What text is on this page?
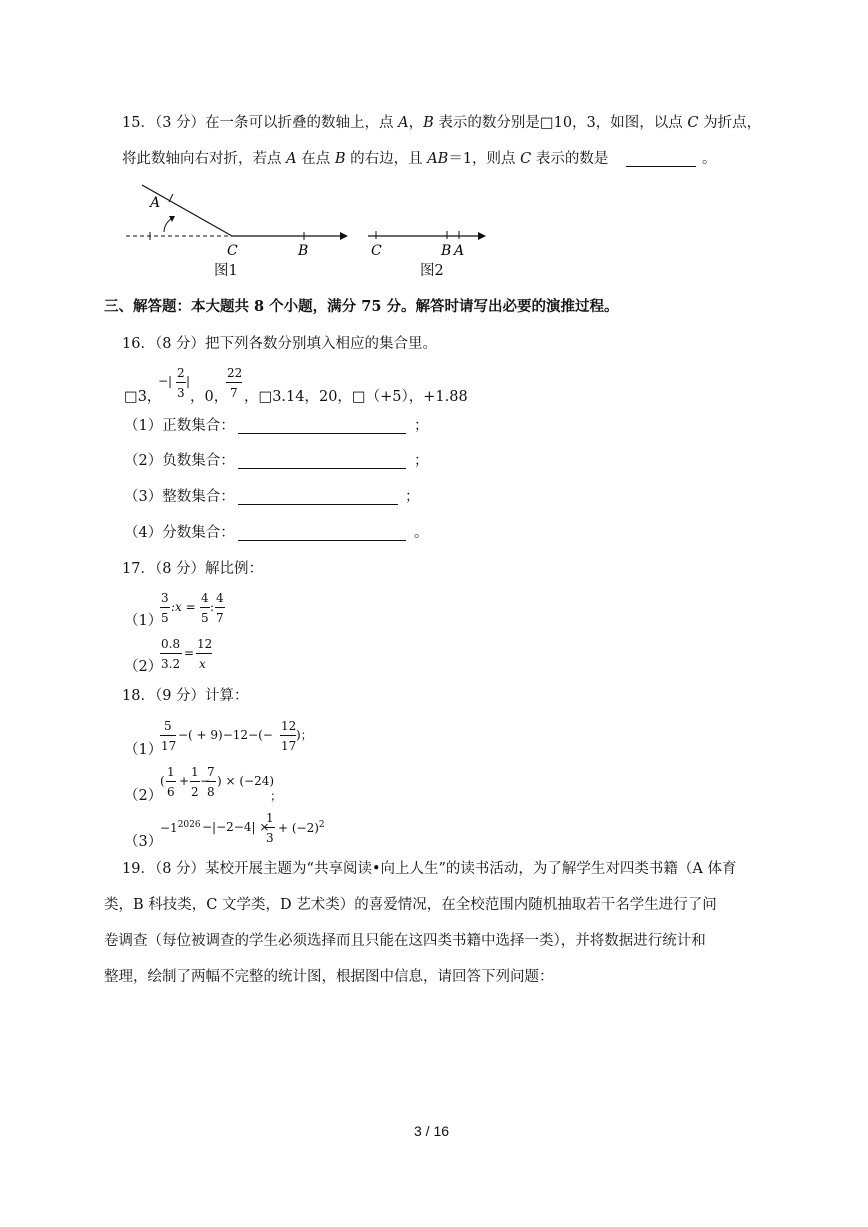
15．（3 分）在一条可以折叠的数轴上，点 A，B 表示的数分别是□10，3，如图，以点 C 为折点，
将此数轴向右对折，若点 A 在点 B 的右边，且 AB＝1，则点 C 表示的数是	。
A
C	B
图1
C	B A
图2
三、解答题：本大题共 8 个小题，满分 75 分。解答时请写出必要的演推过程。
16．（8 分）把下列各数分别填入相应的集合里。
□3，
−|
2
3
|
，0，
22
7 ，□3.14，20，□（+5），+1.88
（1）正数集合：	；
（2）负数集合：	；
（3）整数集合：	；
（4）分数集合：	。
17．（8 分）解比例：
（1）
3
5
:x =
4
5
:
4
7
（2）
0.8
3.2
=
12
x
18．（9 分）计算：
（1）
5
17
−( + 9)−12−(−
12
17
)；
（2）
(
1
6
+
1
2
−
7
8
) × (−24)
；
（3）
$-1^{2026} -|-2-4|$ ×
1
3
+ $(-2)^2$
19．（8 分）某校开展主题为“共享阅读•向上人生”的读书活动，为了解学生对四类书籍（A 体育
类，B 科技类，C 文学类，D 艺术类）的喜爱情况，在全校范围内随机抽取若干名学生进行了问
卷调查（每位被调查的学生必须选择而且只能在这四类书籍中选择一类），并将数据进行统计和
整理，绘制了两幅不完整的统计图，根据图中信息，请回答下列问题：
3 / 16
